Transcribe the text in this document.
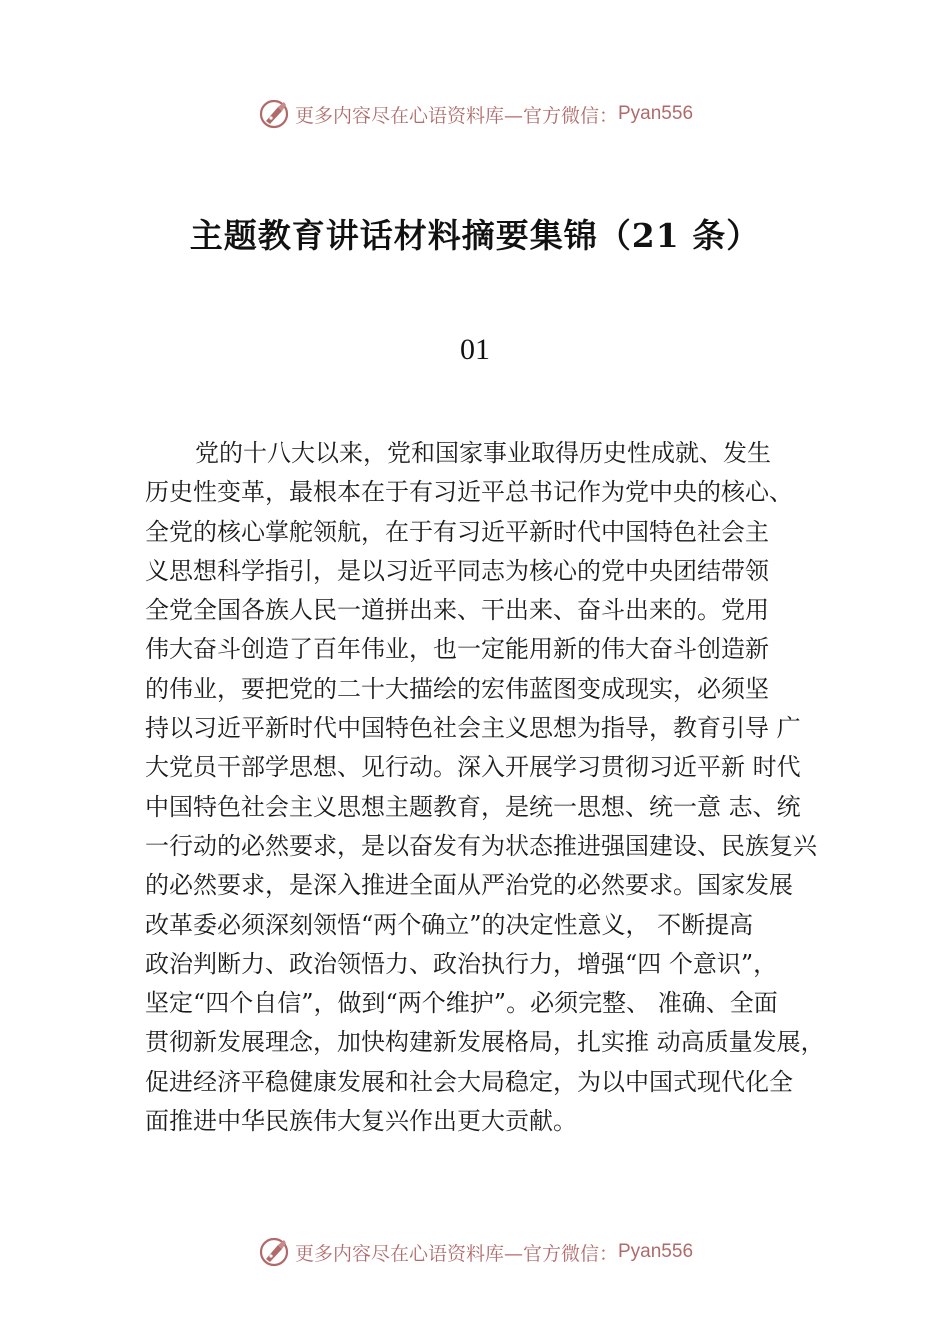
更多内容尽在心语资料库—官方微信： Pyan556
主题教育讲话材料摘要集锦（21 条）
01
党的十八大以来，党和国家事业取得历史性成就、发生
历史性变革，最根本在于有习近平总书记作为党中央的核心、
全党的核心掌舵领航，在于有习近平新时代中国特色社会主
义思想科学指引，是以习近平同志为核心的党中央团结带领
全党全国各族人民一道拼出来、干出来、奋斗出来的。党用
伟大奋斗创造了百年伟业，也一定能用新的伟大奋斗创造新
的伟业，要把党的二十大描绘的宏伟蓝图变成现实，必须坚
持以习近平新时代中国特色社会主义思想为指导，教育引导 广
大党员干部学思想、见行动。深入开展学习贯彻习近平新 时代
中国特色社会主义思想主题教育，是统一思想、统一意 志、统
一行动的必然要求，是以奋发有为状态推进强国建设、民族复兴
的必然要求，是深入推进全面从严治党的必然要求。国家发展
改革委必须深刻领悟“两个确立”的决定性意义， 不断提高
政治判断力、政治领悟力、政治执行力，增强“四 个意识”，
坚定“四个自信”，做到“两个维护”。必须完整、 准确、全面
贯彻新发展理念，加快构建新发展格局，扎实推 动高质量发展，
促进经济平稳健康发展和社会大局稳定，为以中国式现代化全
面推进中华民族伟大复兴作出更大贡献。
更多内容尽在心语资料库—官方微信： Pyan556
